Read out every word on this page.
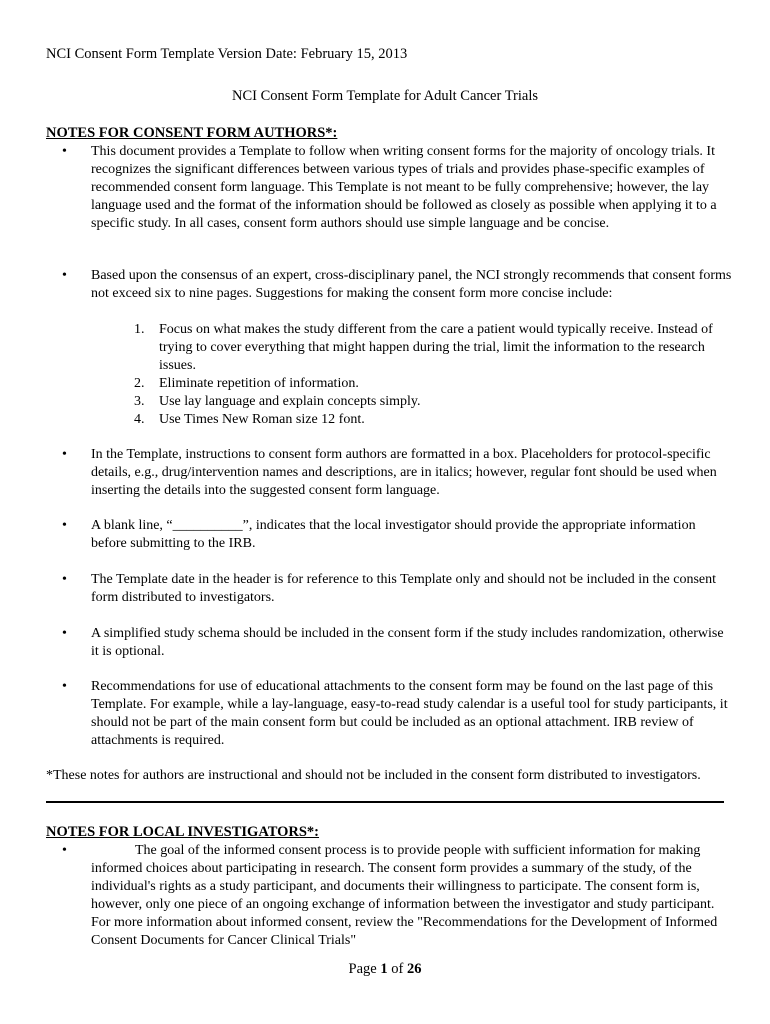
NCI Consent Form Template Version Date: February 15, 2013
NCI Consent Form Template for Adult Cancer Trials
NOTES FOR CONSENT FORM AUTHORS*:
• This document provides a Template to follow when writing consent forms for the majority of oncology trials. It recognizes the significant differences between various types of trials and provides phase-specific examples of recommended consent form language. This Template is not meant to be fully comprehensive; however, the lay language used and the format of the information should be followed as closely as possible when applying it to a specific study. In all cases, consent form authors should use simple language and be concise.
• Based upon the consensus of an expert, cross-disciplinary panel, the NCI strongly recommends that consent forms not exceed six to nine pages. Suggestions for making the consent form more concise include:
1. Focus on what makes the study different from the care a patient would typically receive. Instead of trying to cover everything that might happen during the trial, limit the information to the research issues.
2. Eliminate repetition of information.
3. Use lay language and explain concepts simply.
4. Use Times New Roman size 12 font.
• In the Template, instructions to consent form authors are formatted in a box. Placeholders for protocol-specific details, e.g., drug/intervention names and descriptions, are in italics; however, regular font should be used when inserting the details into the suggested consent form language.
• A blank line, “__________”, indicates that the local investigator should provide the appropriate information before submitting to the IRB.
• The Template date in the header is for reference to this Template only and should not be included in the consent form distributed to investigators.
• A simplified study schema should be included in the consent form if the study includes randomization, otherwise it is optional.
• Recommendations for use of educational attachments to the consent form may be found on the last page of this Template. For example, while a lay-language, easy-to-read study calendar is a useful tool for study participants, it should not be part of the main consent form but could be included as an optional attachment. IRB review of attachments is required.
*These notes for authors are instructional and should not be included in the consent form distributed to investigators.
NOTES FOR LOCAL INVESTIGATORS*:
•	The goal of the informed consent process is to provide people with sufficient information for making informed choices about participating in research. The consent form provides a summary of the study, of the individual's rights as a study participant, and documents their willingness to participate. The consent form is, however, only one piece of an ongoing exchange of information between the investigator and study participant. For more information about informed consent, review the "Recommendations for the Development of Informed Consent Documents for Cancer Clinical Trials"
Page 1 of 26
